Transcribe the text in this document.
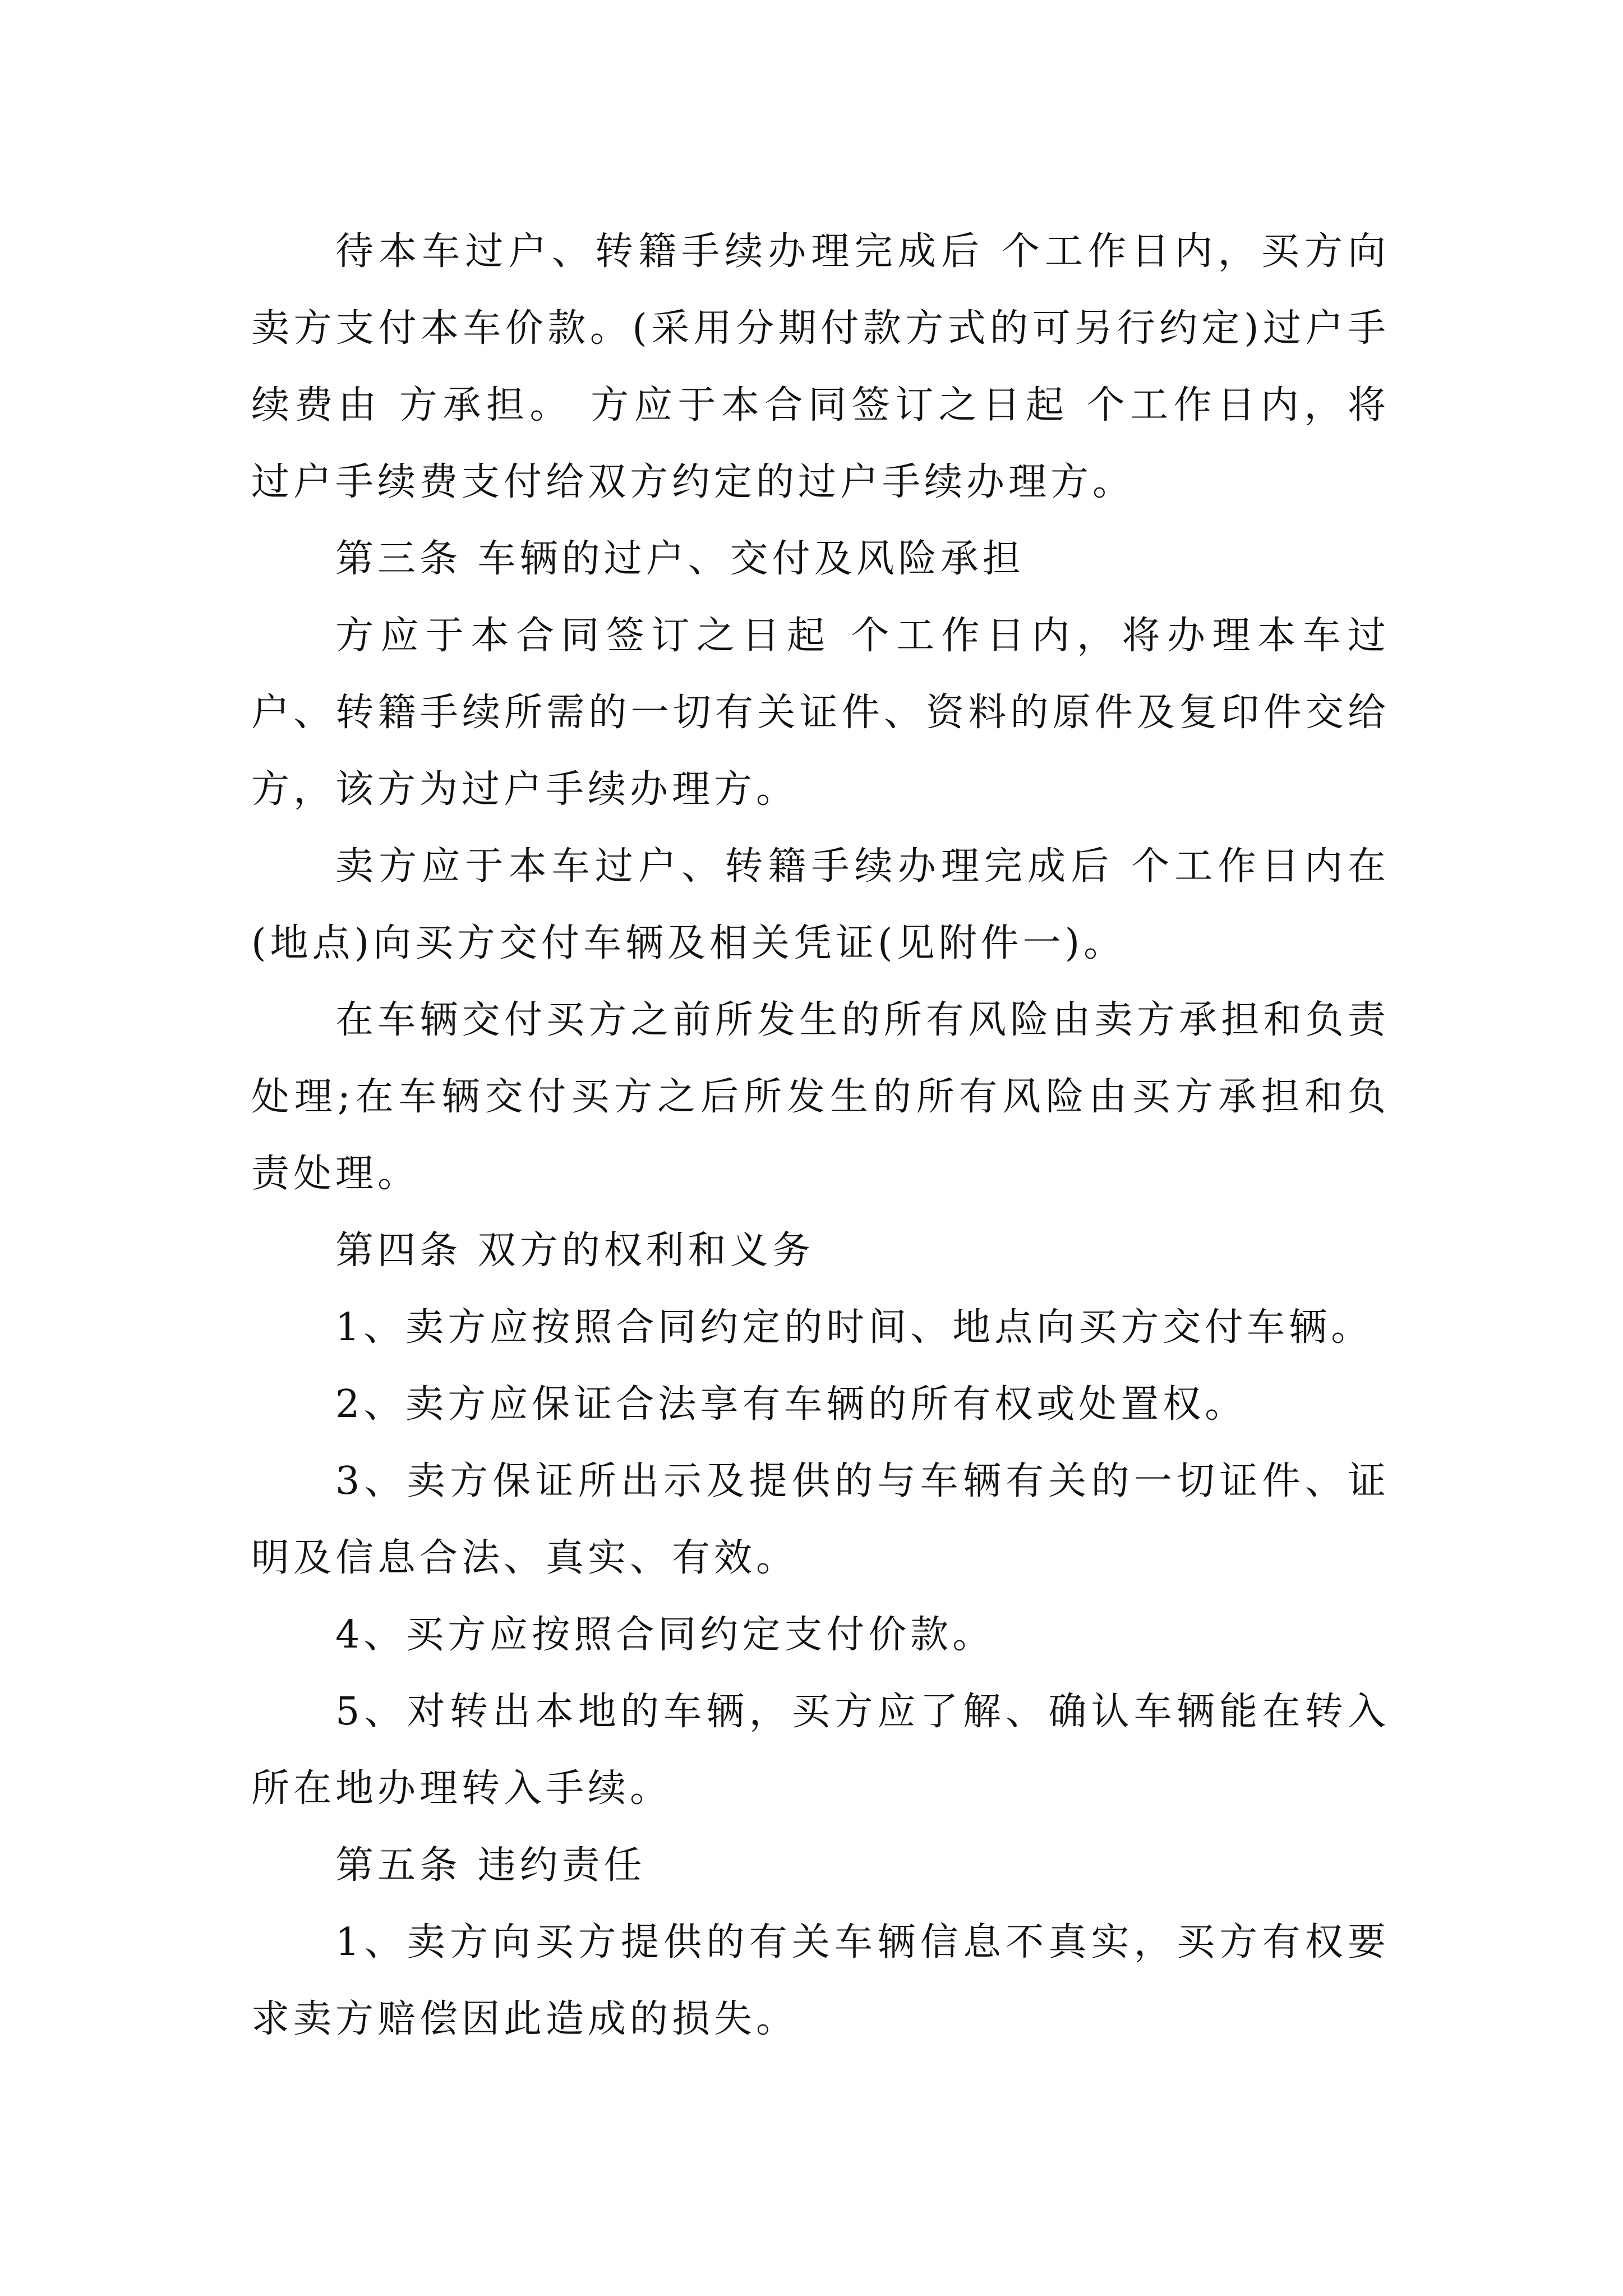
待本车过户、转籍手续办理完成后 个工作日内，买方向卖方支付本车价款。(采用分期付款方式的可另行约定)过户手续费由 方承担。 方应于本合同签订之日起 个工作日内，将过户手续费支付给双方约定的过户手续办理方。

第三条 车辆的过户、交付及风险承担

方应于本合同签订之日起 个工作日内，将办理本车过户、转籍手续所需的一切有关证件、资料的原件及复印件交给 方，该方为过户手续办理方。

卖方应于本车过户、转籍手续办理完成后 个工作日内在 (地点)向买方交付车辆及相关凭证(见附件一)。

在车辆交付买方之前所发生的所有风险由卖方承担和负责处理;在车辆交付买方之后所发生的所有风险由买方承担和负责处理。

第四条 双方的权利和义务

1、卖方应按照合同约定的时间、地点向买方交付车辆。

2、卖方应保证合法享有车辆的所有权或处置权。

3、卖方保证所出示及提供的与车辆有关的一切证件、证明及信息合法、真实、有效。

4、买方应按照合同约定支付价款。

5、对转出本地的车辆，买方应了解、确认车辆能在转入所在地办理转入手续。

第五条 违约责任

1、卖方向买方提供的有关车辆信息不真实，买方有权要求卖方赔偿因此造成的损失。
